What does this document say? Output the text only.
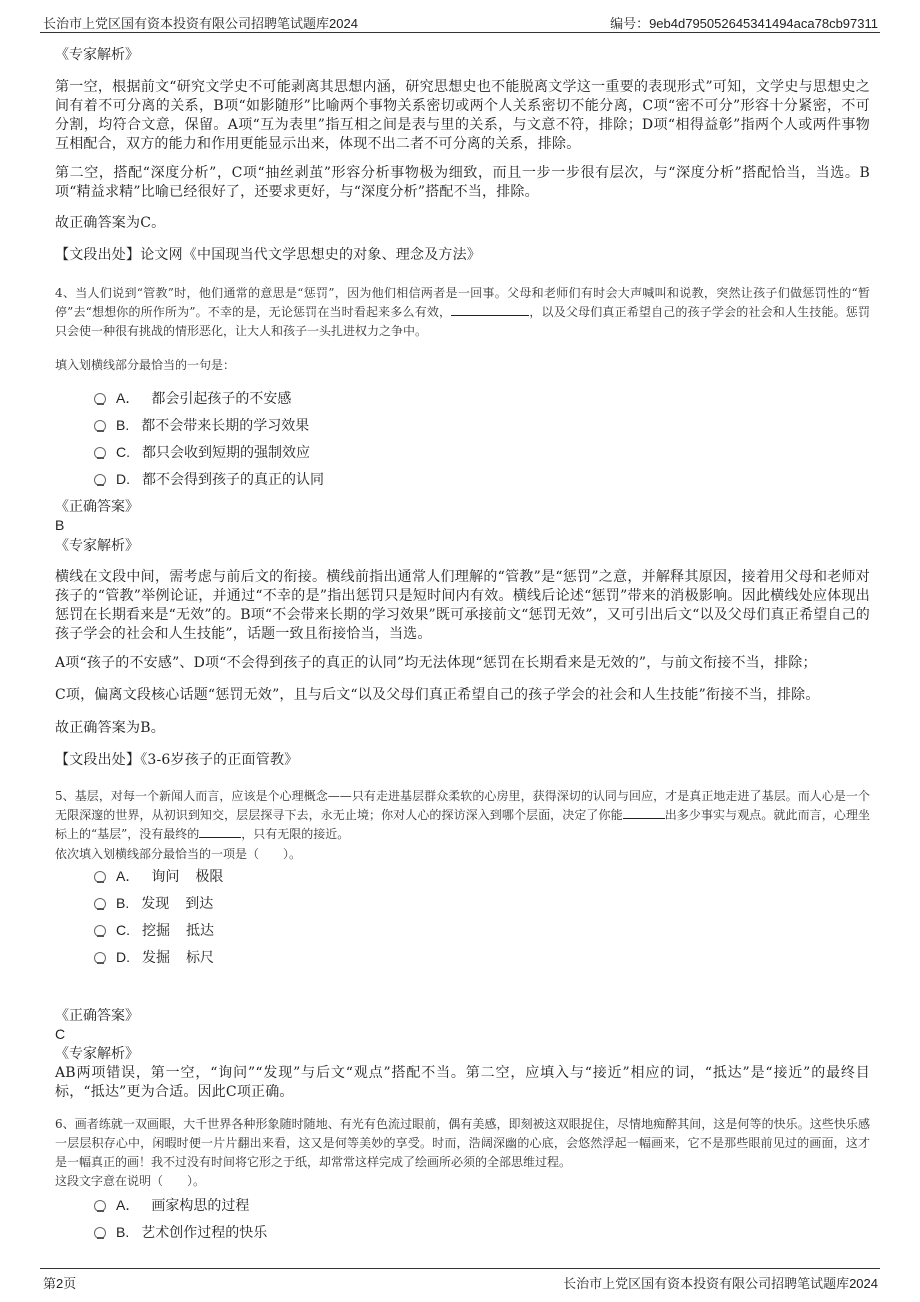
长治市上党区国有资本投资有限公司招聘笔试题库2024	编号：9eb4d795052645341494aca78cb97311
《专家解析》
第一空，根据前文“研究文学史不可能剥离其思想内涵，研究思想史也不能脱离文学这一重要的表现形式”可知，文学史与思想史之间有着不可分离的关系，B项“如影随形”比喻两个事物关系密切或两个人关系密切不能分离，C项“密不可分”形容十分紧密，不可分割，均符合文意，保留。A项“互为表里”指互相之间是表与里的关系，与文意不符，排除；D项“相得益彰”指两个人或两件事物互相配合，双方的能力和作用更能显示出来，体现不出二者不可分离的关系，排除。
第二空，搭配“深度分析”，C项“抽丝剥茧”形容分析事物极为细致，而且一步一步很有层次，与“深度分析”搭配恰当，当选。B项“精益求精”比喻已经很好了，还要求更好，与“深度分析”搭配不当，排除。
故正确答案为C。
【文段出处】论文网《中国现当代文学思想史的对象、理念及方法》
4、当人们说到“管教”时，他们通常的意思是“惩罚”，因为他们相信两者是一回事。父母和老师们有时会大声喊叫和说教，突然让孩子们做惩罚性的“暂停”去“想想你的所作所为”。不幸的是，无论惩罚在当时看起来多么有效，	，以及父母们真正希望自己的孩子学会的社会和人生技能。惩罚只会使一种很有挑战的情形恶化，让大人和孩子一头扎进权力之争中。
填入划横线部分最恰当的一句是：
A． 都会引起孩子的不安感
B. 都不会带来长期的学习效果
C. 都只会收到短期的强制效应
D. 都不会得到孩子的真正的认同
《正确答案》
B
《专家解析》
横线在文段中间，需考虑与前后文的衔接。横线前指出通常人们理解的“管教”是“惩罚”之意，并解释其原因，接着用父母和老师对孩子的“管教”举例论证，并通过“不幸的是”指出惩罚只是短时间内有效。横线后论述“惩罚”带来的消极影响。因此横线处应体现出惩罚在长期看来是“无效”的。B项“不会带来长期的学习效果”既可承接前文“惩罚无效”，又可引出后文“以及父母们真正希望自己的孩子学会的社会和人生技能”，话题一致且衔接恰当，当选。
A项“孩子的不安感”、D项“不会得到孩子的真正的认同”均无法体现“惩罚在长期看来是无效的”，与前文衔接不当，排除；
C项，偏离文段核心话题“惩罚无效”，且与后文“以及父母们真正希望自己的孩子学会的社会和人生技能”衔接不当，排除。
故正确答案为B。
【文段出处】《3-6岁孩子的正面管教》
5、基层，对每一个新闻人而言，应该是个心理概念——只有走进基层群众柔软的心房里，获得深切的认同与回应，才是真正地走进了基层。而人心是一个无限深邃的世界，从初识到知交，层层探寻下去，永无止境；你对人心的探访深入到哪个层面，决定了你能	出多少事实与观点。就此而言，心理坐标上的“基层”，没有最终的	，只有无限的接近。
依次填入划横线部分最恰当的一项是（　　）。
A． 询问 极限
B. 发现 到达
C. 挖掘 抵达
D. 发掘 标尺
《正确答案》
C
《专家解析》
AB两项错误，第一空，“询问”“发现”与后文“观点”搭配不当。第二空，应填入与“接近”相应的词，“抵达”是“接近”的最终目标，“抵达”更为合适。因此C项正确。
6、画者练就一双画眼，大千世界各种形象随时随地、有光有色流过眼前，偶有美感，即刻被这双眼捉住，尽情地痴醉其间，这是何等的快乐。这些快乐感一层层积存心中，闲暇时便一片片翻出来看，这又是何等美妙的享受。时而，浩阔深幽的心底，会悠然浮起一幅画来，它不是那些眼前见过的画面，这才是一幅真正的画！我不过没有时间将它形之于纸，却常常这样完成了绘画所必须的全部思维过程。
这段文字意在说明（　　）。
A． 画家构思的过程
B. 艺术创作过程的快乐
第2页	长治市上党区国有资本投资有限公司招聘笔试题库2024
